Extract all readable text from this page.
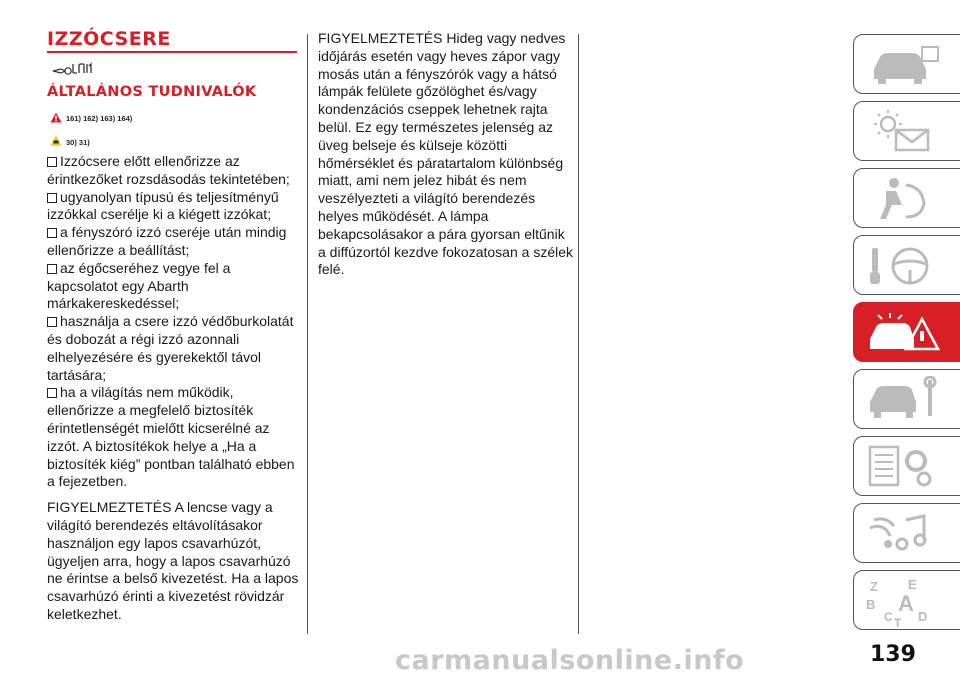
IZZÓCSERE
ÁLTALÁNOS TUDNIVALÓK
161) 162) 163) 164)
30) 31)

Izzócsere előtt ellenőrizze az érintkezőket rozsdásodás tekintetében;

ugyanolyan típusú és teljesítményű izzókkal cserélje ki a kiégett izzókat;

a fényszóró izzó cseréje után mindig ellenőrizze a beállítást;

az égőcseréhez vegye fel a kapcsolatot egy Abarth márkakereskedéssel;

használja a csere izzó védőburkolatát és dobozát a régi izzó azonnali elhelyezésére és gyerekektől távol tartására;

ha a világítás nem működik, ellenőrizze a megfelelő biztosíték érintetlenségét mielőtt kicserélné az izzót. A biztosítékok helye a „Ha a biztosíték kiég” pontban található ebben a fejezetben.

FIGYELMEZTETÉS A lencse vagy a világító berendezés eltávolításakor használjon egy lapos csavarhúzót, ügyeljen arra, hogy a lapos csavarhúzó ne érintse a belső kivezetést. Ha a lapos csavarhúzó érinti a kivezetést rövidzár keletkezhet.

FIGYELMEZTETÉS Hideg vagy nedves időjárás esetén vagy heves zápor vagy mosás után a fényszórók vagy a hátsó lámpák felülete gőzölöghet és/vagy kondenzációs cseppek lehetnek rajta belül. Ez egy természetes jelenség az üveg belseje és külseje közötti hőmérséklet és páratartalom különbség miatt, ami nem jelez hibát és nem veszélyezteti a világító berendezés helyes működését. A lámpa bekapcsolásakor a pára gyorsan eltűnik a diffúzortól kezdve fokozatosan a szélek felé.
Z E
B A
C D
T
139
carmanualsonline.info
